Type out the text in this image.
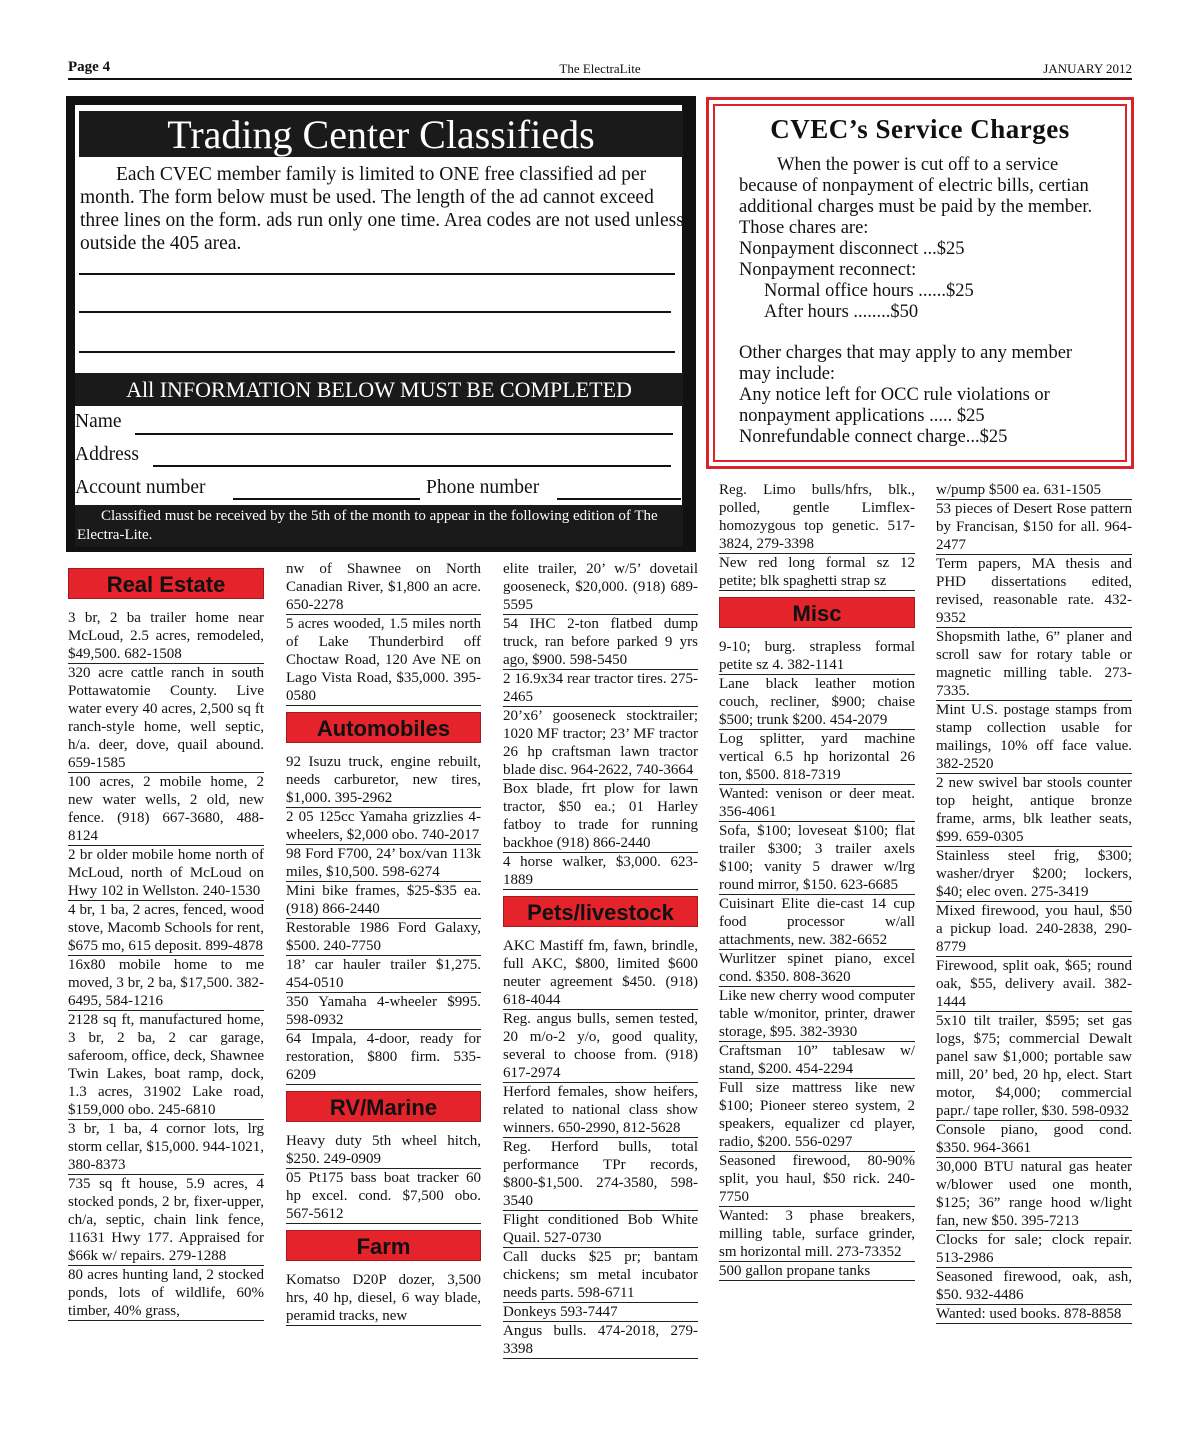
Page 4	The ElectraLite	JANUARY 2012
Trading Center Classifieds
Each CVEC member family is limited to ONE free classified ad per month. The form below must be used. The length of the ad cannot exceed three lines on the form. ads run only one time. Area codes are not used unless outside the 405 area.
All INFORMATION BELOW MUST BE COMPLETED
Name
Address
Account number	Phone number
Classified must be received by the 5th of the month to appear in the following edition of The Electra-Lite.
CVEC’s Service Charges
When the power is cut off to a service because of nonpayment of electric bills, certian additional charges must be paid by the member. Those chares are:
Nonpayment disconnect ...$25
Nonpayment reconnect:
Normal office hours ......$25
After hours ........$50
Other charges that may apply to any member may include:
Any notice left for OCC rule violations or nonpayment applications ..... $25
Nonrefundable connect charge...$25
Real Estate
3 br, 2 ba trailer home near McLoud, 2.5 acres, remodeled, $49,500. 682-1508
320 acre cattle ranch in south Pottawatomie County. Live water every 40 acres, 2,500 sq ft ranch-style home, well septic, h/a. deer, dove, quail abound. 659-1585
100 acres, 2 mobile home, 2 new water wells, 2 old, new fence. (918) 667-3680, 488-8124
2 br older mobile home north of McLoud, north of McLoud on Hwy 102 in Wellston. 240-1530
4 br, 1 ba, 2 acres, fenced, wood stove, Macomb Schools for rent, $675 mo, 615 deposit. 899-4878
16x80 mobile home to me moved, 3 br, 2 ba, $17,500. 382-6495, 584-1216
2128 sq ft, manufactured home, 3 br, 2 ba, 2 car garage, saferoom, office, deck, Shawnee Twin Lakes, boat ramp, dock, 1.3 acres, 31902 Lake road, $159,000 obo. 245-6810
3 br, 1 ba, 4 cornor lots, lrg storm cellar, $15,000. 944-1021, 380-8373
735 sq ft house, 5.9 acres, 4 stocked ponds, 2 br, fixer-upper, ch/a, septic, chain link fence, 11631 Hwy 177. Appraised for $66k w/ repairs. 279-1288
80 acres hunting land, 2 stocked ponds, lots of wildlife, 60% timber, 40% grass,
nw of Shawnee on North Canadian River, $1,800 an acre. 650-2278
5 acres wooded, 1.5 miles north of Lake Thunderbird off Choctaw Road, 120 Ave NE on Lago Vista Road, $35,000. 395-0580
Automobiles
92 Isuzu truck, engine rebuilt, needs carburetor, new tires, $1,000. 395-2962
2 05 125cc Yamaha grizzlies 4-wheelers, $2,000 obo. 740-2017
98 Ford F700, 24’ box/van 113k miles, $10,500. 598-6274
Mini bike frames, $25-$35 ea. (918) 866-2440
Restorable 1986 Ford Galaxy, $500. 240-7750
18’ car hauler trailer $1,275. 454-0510
350 Yamaha 4-wheeler $995. 598-0932
64 Impala, 4-door, ready for restoration, $800 firm. 535-6209
RV/Marine
Heavy duty 5th wheel hitch, $250. 249-0909
05 Pt175 bass boat tracker 60 hp excel. cond. $7,500 obo. 567-5612
Farm
Komatso D20P dozer, 3,500 hrs, 40 hp, diesel, 6 way blade, peramid tracks, new
elite trailer, 20’ w/5’ dovetail gooseneck, $20,000. (918) 689-5595
54 IHC 2-ton flatbed dump truck, ran before parked 9 yrs ago, $900. 598-5450
2 16.9x34 rear tractor tires. 275-2465
20’x6’ gooseneck stocktrailer; 1020 MF tractor; 23’ MF tractor 26 hp craftsman lawn tractor blade disc. 964-2622, 740-3664
Box blade, frt plow for lawn tractor, $50 ea.; 01 Harley fatboy to trade for running backhoe (918) 866-2440
4 horse walker, $3,000. 623-1889
Pets/livestock
AKC Mastiff fm, fawn, brindle, full AKC, $800, limited $600 neuter agreement $450. (918) 618-4044
Reg. angus bulls, semen tested, 20 m/o-2 y/o, good quality, several to choose from. (918) 617-2974
Herford females, show heifers, related to national class show winners. 650-2990, 812-5628
Reg. Herford bulls, total performance TPr records, $800-$1,500. 274-3580, 598-3540
Flight conditioned Bob White Quail. 527-0730
Call ducks $25 pr; bantam chickens; sm metal incubator needs parts. 598-6711
Donkeys 593-7447
Angus bulls. 474-2018, 279-3398
Reg. Limo bulls/hfrs, blk., polled, gentle Limflex-homozygous top genetic. 517-3824, 279-3398
New red long formal sz 12 petite; blk spaghetti strap sz
Misc
9-10; burg. strapless formal petite sz 4. 382-1141
Lane black leather motion couch, recliner, $900; chaise $500; trunk $200. 454-2079
Log splitter, yard machine vertical 6.5 hp horizontal 26 ton, $500. 818-7319
Wanted: venison or deer meat. 356-4061
Sofa, $100; loveseat $100; flat trailer $300; 3 trailer axels $100; vanity 5 drawer w/lrg round mirror, $150. 623-6685
Cuisinart Elite die-cast 14 cup food processor w/all attachments, new. 382-6652
Wurlitzer spinet piano, excel cond. $350. 808-3620
Like new cherry wood computer table w/monitor, printer, drawer storage, $95. 382-3930
Craftsman 10” tablesaw w/ stand, $200. 454-2294
Full size mattress like new $100; Pioneer stereo system, 2 speakers, equalizer cd player, radio, $200. 556-0297
Seasoned firewood, 80-90% split, you haul, $50 rick. 240-7750
Wanted: 3 phase breakers, milling table, surface grinder, sm horizontal mill. 273-73352
500 gallon propane tanks
w/pump $500 ea. 631-1505
53 pieces of Desert Rose pattern by Francisan, $150 for all. 964-2477
Term papers, MA thesis and PHD dissertations edited, revised, reasonable rate. 432-9352
Shopsmith lathe, 6” planer and scroll saw for rotary table or magnetic milling table. 273-7335.
Mint U.S. postage stamps from stamp collection usable for mailings, 10% off face value. 382-2520
2 new swivel bar stools counter top height, antique bronze frame, arms, blk leather seats, $99. 659-0305
Stainless steel frig, $300; washer/dryer $200; lockers, $40; elec oven. 275-3419
Mixed firewood, you haul, $50 a pickup load. 240-2838, 290-8779
Firewood, split oak, $65; round oak, $55, delivery avail. 382-1444
5x10 tilt trailer, $595; set gas logs, $75; commercial Dewalt panel saw $1,000; portable saw mill, 20’ bed, 20 hp, elect. Start motor, $4,000; commercial papr./ tape roller, $30. 598-0932
Console piano, good cond. $350. 964-3661
30,000 BTU natural gas heater w/blower used one month, $125; 36” range hood w/light fan, new $50. 395-7213
Clocks for sale; clock repair. 513-2986
Seasoned firewood, oak, ash, $50. 932-4486
Wanted: used books. 878-8858
